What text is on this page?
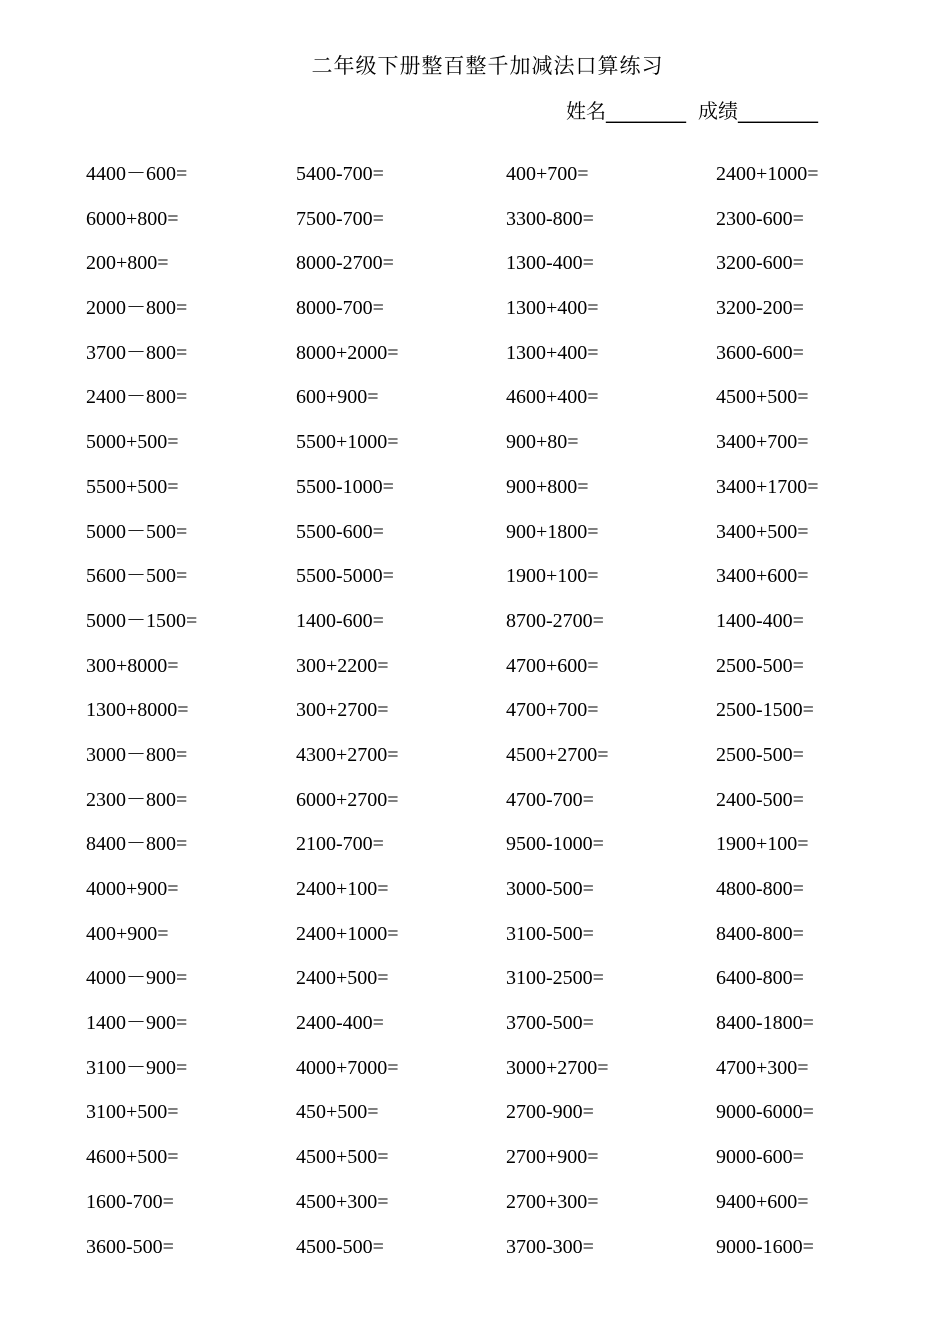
二年级下册整百整千加减法口算练习
姓名________ 成绩________
4400－600=	5400-700=	400+700=	2400+1000=
6000+800=	7500-700=	3300-800=	2300-600=
200+800=	8000-2700=	1300-400=	3200-600=
2000－800=	8000-700=	1300+400=	3200-200=
3700－800=	8000+2000=	1300+400=	3600-600=
2400－800=	600+900=	4600+400=	4500+500=
5000+500=	5500+1000=	900+80=	3400+700=
5500+500=	5500-1000=	900+800=	3400+1700=
5000－500=	5500-600=	900+1800=	3400+500=
5600－500=	5500-5000=	1900+100=	3400+600=
5000－1500=	1400-600=	8700-2700=	1400-400=
300+8000=	300+2200=	4700+600=	2500-500=
1300+8000=	300+2700=	4700+700=	2500-1500=
3000－800=	4300+2700=	4500+2700=	2500-500=
2300－800=	6000+2700=	4700-700=	2400-500=
8400－800=	2100-700=	9500-1000=	1900+100=
4000+900=	2400+100=	3000-500=	4800-800=
400+900=	2400+1000=	3100-500=	8400-800=
4000－900=	2400+500=	3100-2500=	6400-800=
1400－900=	2400-400=	3700-500=	8400-1800=
3100－900=	4000+7000=	3000+2700=	4700+300=
3100+500=	450+500=	2700-900=	9000-6000=
4600+500=	4500+500=	2700+900=	9000-600=
1600-700=	4500+300=	2700+300=	9400+600=
3600-500=	4500-500=	3700-300=	9000-1600=
